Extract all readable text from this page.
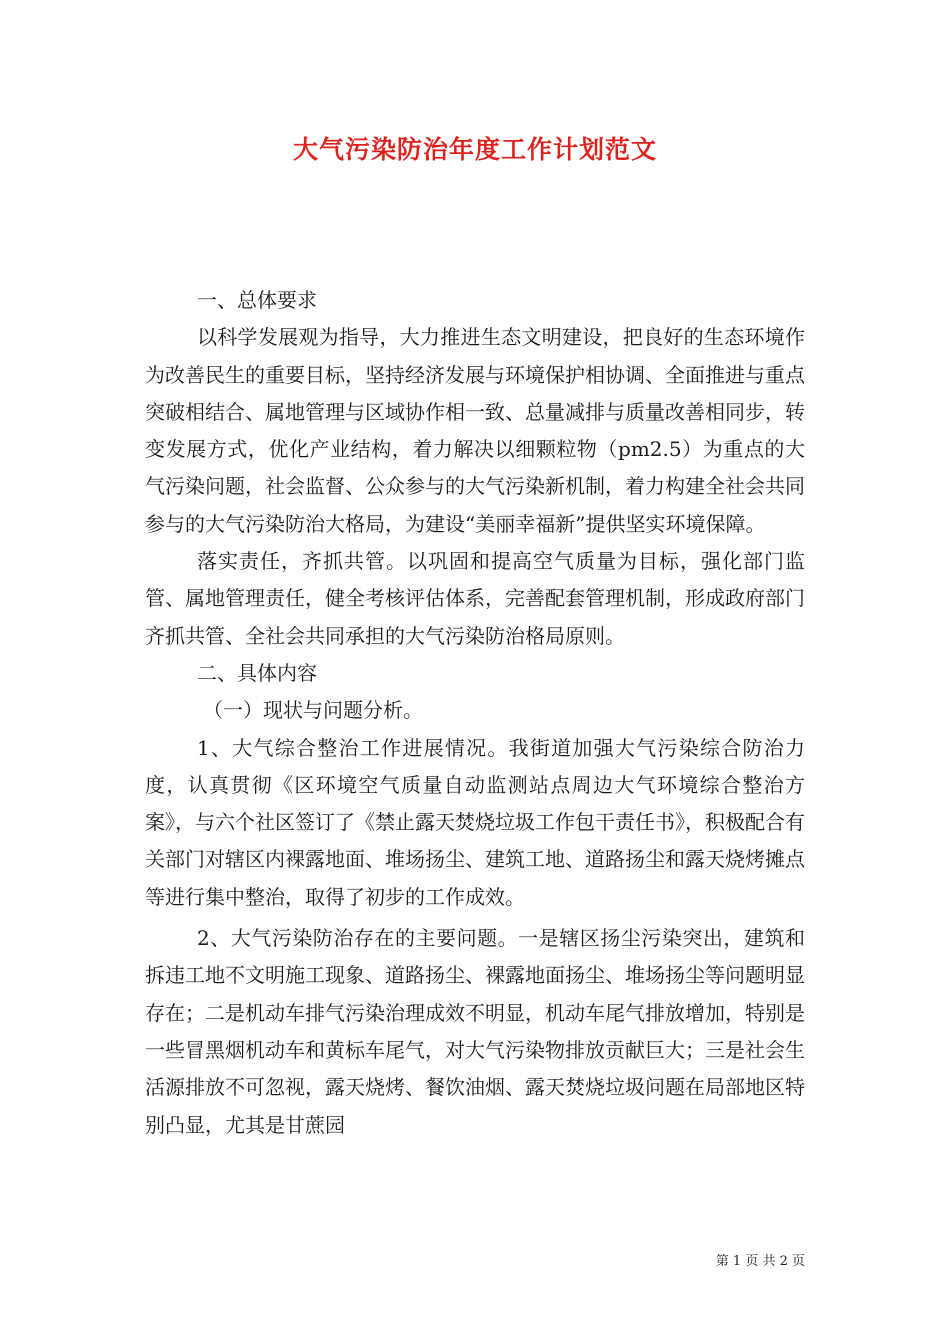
大气污染防治年度工作计划范文

一、总体要求

以科学发展观为指导，大力推进生态文明建设，把良好的生态环境作为改善民生的重要目标，坚持经济发展与环境保护相协调、全面推进与重点突破相结合、属地管理与区域协作相一致、总量减排与质量改善相同步，转变发展方式，优化产业结构，着力解决以细颗粒物（pm2.5）为重点的大气污染问题，社会监督、公众参与的大气污染新机制，着力构建全社会共同参与的大气污染防治大格局，为建设“美丽幸福新”提供坚实环境保障。

落实责任，齐抓共管。以巩固和提高空气质量为目标，强化部门监管、属地管理责任，健全考核评估体系，完善配套管理机制，形成政府部门齐抓共管、全社会共同承担的大气污染防治格局原则。

二、具体内容

（一）现状与问题分析。

1、大气综合整治工作进展情况。我街道加强大气污染综合防治力度，认真贯彻《区环境空气质量自动监测站点周边大气环境综合整治方案》，与六个社区签订了《禁止露天焚烧垃圾工作包干责任书》，积极配合有关部门对辖区内裸露地面、堆场扬尘、建筑工地、道路扬尘和露天烧烤摊点等进行集中整治，取得了初步的工作成效。

2、大气污染防治存在的主要问题。一是辖区扬尘污染突出，建筑和拆违工地不文明施工现象、道路扬尘、裸露地面扬尘、堆场扬尘等问题明显存在；二是机动车排气污染治理成效不明显，机动车尾气排放增加，特别是一些冒黑烟机动车和黄标车尾气，对大气污染物排放贡献巨大；三是社会生活源排放不可忽视，露天烧烤、餐饮油烟、露天焚烧垃圾问题在局部地区特别凸显，尤其是甘蔗园

第 1 页 共 2 页
